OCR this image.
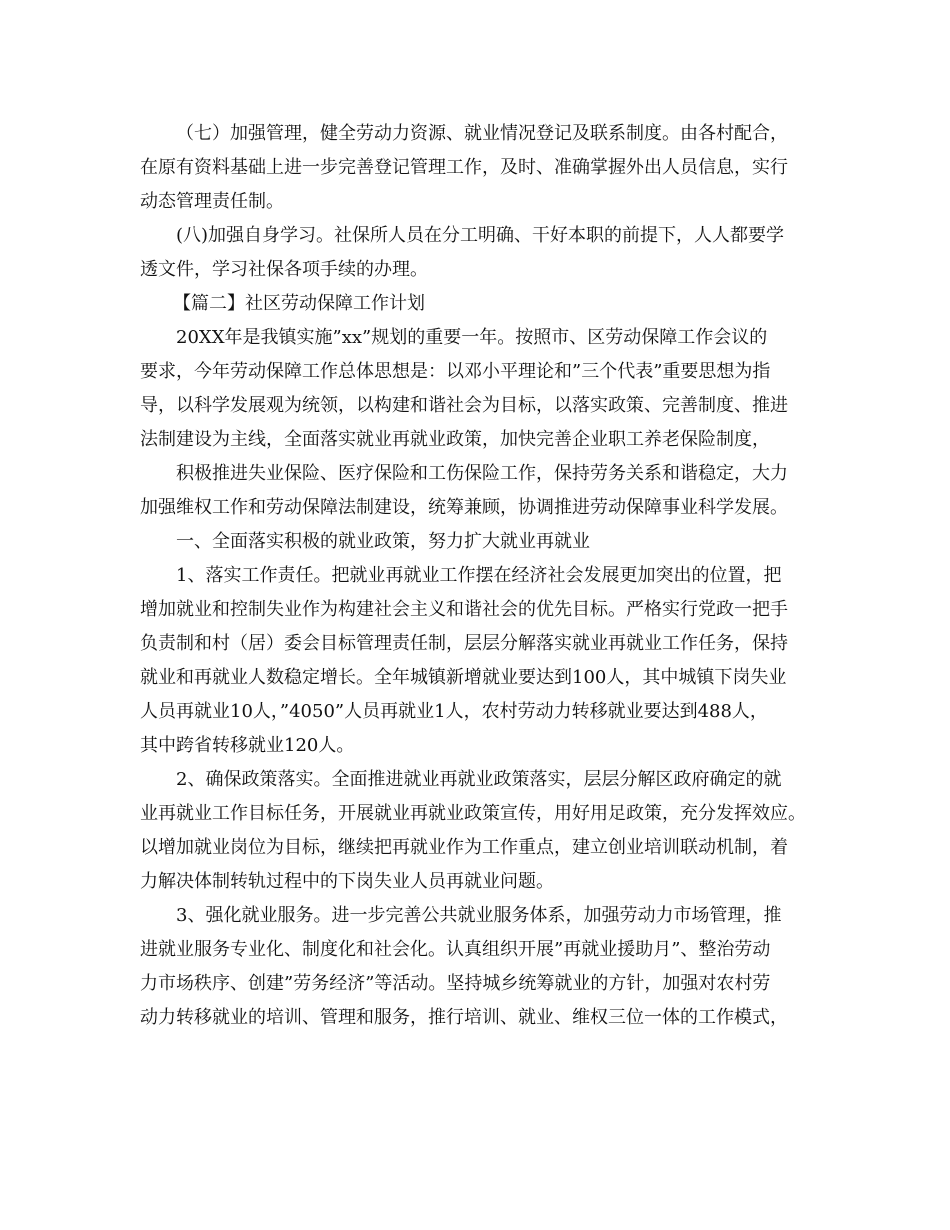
（七）加强管理，健全劳动力资源、就业情况登记及联系制度。由各村配合，
在原有资料基础上进一步完善登记管理工作，及时、准确掌握外出人员信息，实行
动态管理责任制。

(八)加强自身学习。社保所人员在分工明确、干好本职的前提下，人人都要学
透文件，学习社保各项手续的办理。

【篇二】社区劳动保障工作计划

20XX年是我镇实施”xx”规划的重要一年。按照市、区劳动保障工作会议的
要求，今年劳动保障工作总体思想是：以邓小平理论和”三个代表”重要思想为指
导，以科学发展观为统领，以构建和谐社会为目标，以落实政策、完善制度、推进
法制建设为主线，全面落实就业再就业政策，加快完善企业职工养老保险制度，

积极推进失业保险、医疗保险和工伤保险工作，保持劳务关系和谐稳定，大力
加强维权工作和劳动保障法制建设，统筹兼顾，协调推进劳动保障事业科学发展。

一、全面落实积极的就业政策，努力扩大就业再就业

1、落实工作责任。把就业再就业工作摆在经济社会发展更加突出的位置，把
增加就业和控制失业作为构建社会主义和谐社会的优先目标。严格实行党政一把手
负责制和村（居）委会目标管理责任制，层层分解落实就业再就业工作任务，保持
就业和再就业人数稳定增长。全年城镇新增就业要达到100人，其中城镇下岗失业
人员再就业10人，”4050”人员再就业1人，农村劳动力转移就业要达到488人，
其中跨省转移就业120人。

2、确保政策落实。全面推进就业再就业政策落实，层层分解区政府确定的就
业再就业工作目标任务，开展就业再就业政策宣传，用好用足政策，充分发挥效应。
以增加就业岗位为目标，继续把再就业作为工作重点，建立创业培训联动机制，着
力解决体制转轨过程中的下岗失业人员再就业问题。

3、强化就业服务。进一步完善公共就业服务体系，加强劳动力市场管理，推
进就业服务专业化、制度化和社会化。认真组织开展”再就业援助月”、整治劳动
力市场秩序、创建”劳务经济”等活动。坚持城乡统筹就业的方针，加强对农村劳
动力转移就业的培训、管理和服务，推行培训、就业、维权三位一体的工作模式，
